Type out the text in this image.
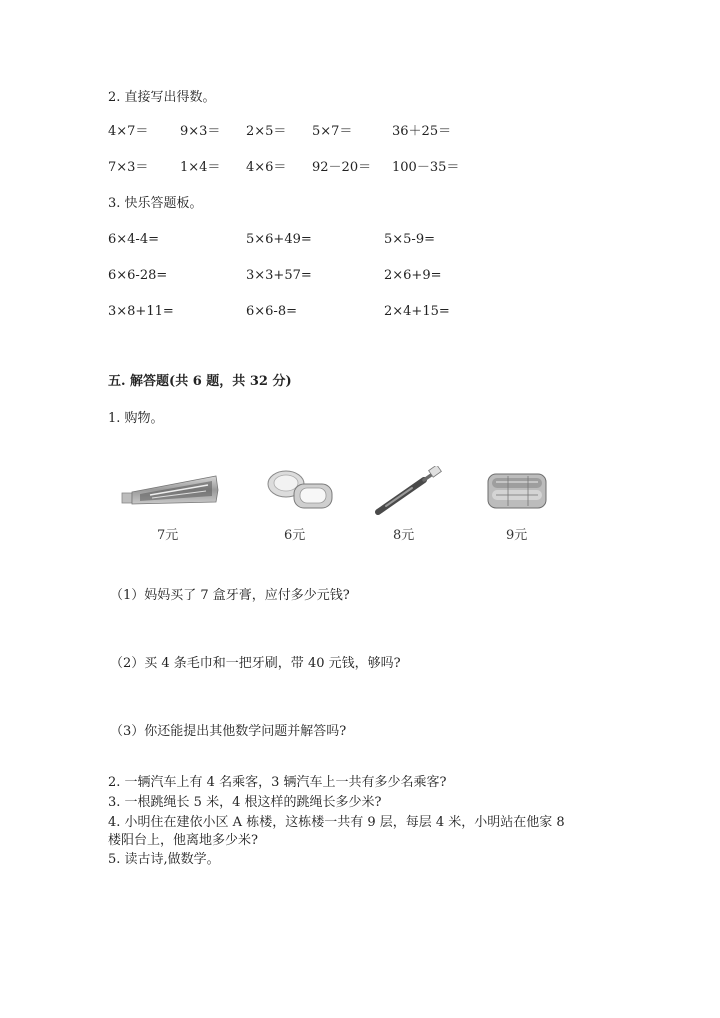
2. 直接写出得数。
4×7＝ 9×3＝ 2×5＝ 5×7＝	36＋25＝
7×3＝ 1×4＝ 4×6＝ 92－20＝ 100－35＝
3. 快乐答题板。
6×4-4=	5×6+49=	5×5-9=
6×6-28=	3×3+57=	2×6+9=
3×8+11=	6×6-8=	2×4+15=
五. 解答题(共 6 题，共 32 分)
1. 购物。
7元	6元	8元	9元
（1）妈妈买了 7 盒牙膏，应付多少元钱?
（2）买 4 条毛巾和一把牙刷，带 40 元钱，够吗?
（3）你还能提出其他数学问题并解答吗?
2. 一辆汽车上有 4 名乘客，3 辆汽车上一共有多少名乘客?
3. 一根跳绳长 5 米，4 根这样的跳绳长多少米?
4. 小明住在建依小区 A 栋楼，这栋楼一共有 9 层，每层 4 米，小明站在他家 8
楼阳台上，他离地多少米?
5. 读古诗,做数学。
